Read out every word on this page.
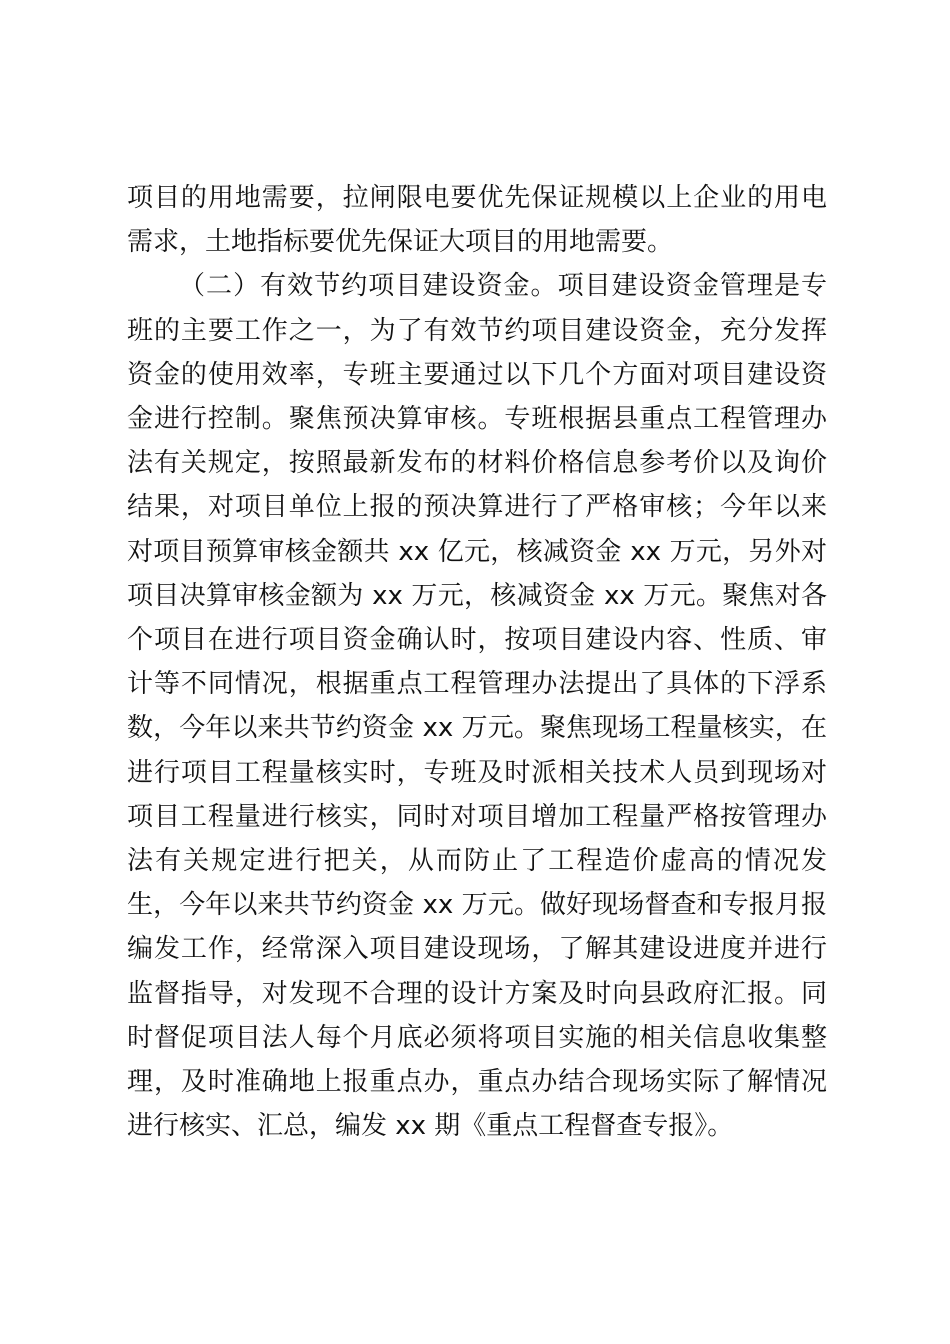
项目的用地需要，拉闸限电要优先保证规模以上企业的用电需求，土地指标要优先保证大项目的用地需要。

（二）有效节约项目建设资金。项目建设资金管理是专班的主要工作之一，为了有效节约项目建设资金，充分发挥资金的使用效率，专班主要通过以下几个方面对项目建设资金进行控制。聚焦预决算审核。专班根据县重点工程管理办法有关规定，按照最新发布的材料价格信息参考价以及询价结果，对项目单位上报的预决算进行了严格审核；今年以来对项目预算审核金额共 xx 亿元，核减资金 xx 万元，另外对项目决算审核金额为 xx 万元，核减资金 xx 万元。聚焦对各个项目在进行项目资金确认时，按项目建设内容、性质、审计等不同情况，根据重点工程管理办法提出了具体的下浮系数，今年以来共节约资金 xx 万元。聚焦现场工程量核实，在进行项目工程量核实时，专班及时派相关技术人员到现场对项目工程量进行核实，同时对项目增加工程量严格按管理办法有关规定进行把关，从而防止了工程造价虚高的情况发生，今年以来共节约资金 xx 万元。做好现场督查和专报月报编发工作，经常深入项目建设现场，了解其建设进度并进行监督指导，对发现不合理的设计方案及时向县政府汇报。同时督促项目法人每个月底必须将项目实施的相关信息收集整理，及时准确地上报重点办，重点办结合现场实际了解情况进行核实、汇总，编发 xx 期《重点工程督查专报》。
